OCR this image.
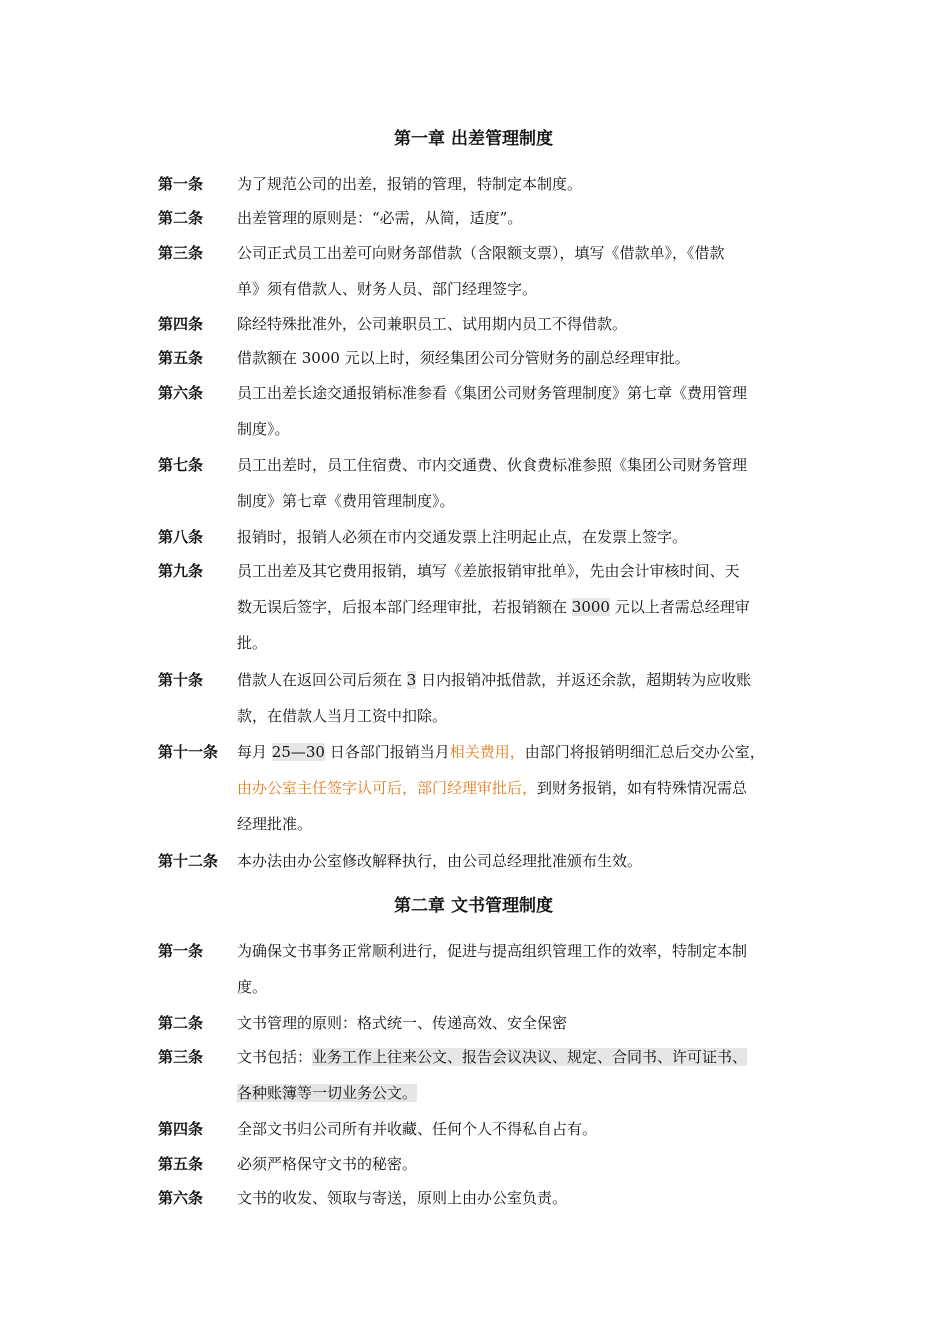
第一章 出差管理制度
第一条 为了规范公司的出差，报销的管理，特制定本制度。
第二条 出差管理的原则是：“必需，从简，适度”。
第三条 公司正式员工出差可向财务部借款（含限额支票），填写《借款单》，《借款
单》须有借款人、财务人员、部门经理签字。
第四条 除经特殊批准外，公司兼职员工、试用期内员工不得借款。
第五条 借款额在 3000 元以上时，须经集团公司分管财务的副总经理审批。
第六条 员工出差长途交通报销标准参看《集团公司财务管理制度》第七章《费用管理
制度》。
第七条 员工出差时，员工住宿费、市内交通费、伙食费标准参照《集团公司财务管理
制度》第七章《费用管理制度》。
第八条 报销时，报销人必须在市内交通发票上注明起止点，在发票上签字。
第九条 员工出差及其它费用报销，填写《差旅报销审批单》，先由会计审核时间、天
数无误后签字，后报本部门经理审批，若报销额在 3000 元以上者需总经理审
批。
第十条 借款人在返回公司后须在 3 日内报销冲抵借款，并返还余款，超期转为应收账
款，在借款人当月工资中扣除。
第十一条 每月 25—30 日各部门报销当月相关费用，由部门将报销明细汇总后交办公室，
由办公室主任签字认可后，部门经理审批后，到财务报销，如有特殊情况需总
经理批准。
第十二条 本办法由办公室修改解释执行，由公司总经理批准颁布生效。
第二章 文书管理制度
第一条 为确保文书事务正常顺利进行，促进与提高组织管理工作的效率，特制定本制
度。
第二条 文书管理的原则：格式统一、传递高效、安全保密
第三条 文书包括：业务工作上往来公文、报告会议决议、规定、合同书、许可证书、
各种账簿等一切业务公文。
第四条 全部文书归公司所有并收藏、任何个人不得私自占有。
第五条 必须严格保守文书的秘密。
第六条 文书的收发、领取与寄送，原则上由办公室负责。
